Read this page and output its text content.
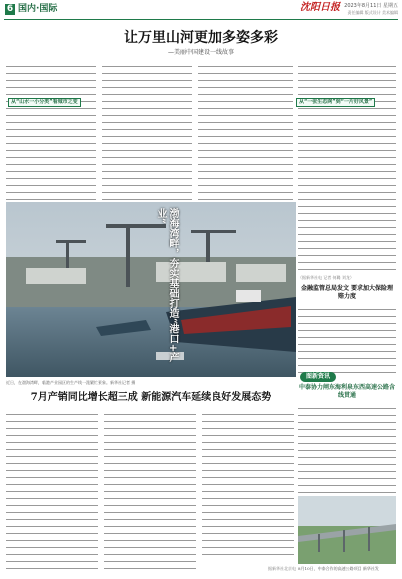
6 国内·国际	沈阳日报 2023年8月11日 星期五
责任编辑 版式设计 美术编辑
让万里山河更加多姿多彩
—美丽中国建设一线故事
从“山水一小分类”看城市之变	从“一张生态网”到“一片好风景”
渤海湾畔，夯实基础打造“港口+产业”
近日，在渤海湾畔，临港产业园区的生产线一派繁忙景象。新华社记者 摄
（据新华社电 记者 何璐 刘龙）
金融监管总局发文 要求加大保险理赔力度
图新资讯
中泰协力闸东海利泉东西高速公路含线贯通
8月10日，中泰合作的高速公路项目 新华社发
7月产销同比增长超三成 新能源汽车延续良好发展态势
据新华社北京电
